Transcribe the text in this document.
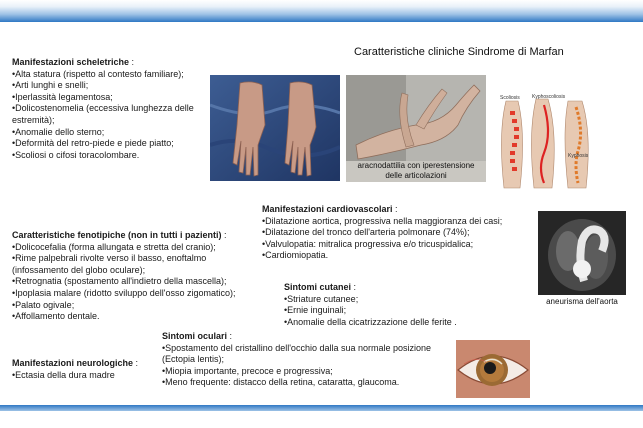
Caratteristiche cliniche Sindrome di Marfan
Manifestazioni scheletriche :
•Alta statura (rispetto al contesto familiare);
•Arti lunghi e snelli;
•Iperlassità legamentosa;
•Dolicostenomelia (eccessiva lunghezza delle estremità);
•Anomalie dello sterno;
•Deformità del retro-piede e piede piatto;
•Scoliosi o cifosi toracolombare.
Caratteristiche fenotipiche (non in tutti i pazienti) :
•Dolicocefalia (forma allungata e stretta del cranio);
•Rime palpebrali rivolte verso il basso, enoftalmo (infossamento del globo oculare);
•Retrognatia (spostamento all'indietro della mascella);
•Ipoplasia malare (ridotto sviluppo dell'osso zigomatico);
•Palato ogivale;
•Affollamento dentale.
Manifestazioni neurologiche :
•Ectasia della dura madre
Manifestazioni cardiovascolari :
•Dilatazione aortica, progressiva nella maggioranza dei casi;
•Dilatazione del tronco dell'arteria polmonare (74%);
•Valvulopatia: mitralica progressiva e/o tricuspidalica;
•Cardiomiopatia.
Sintomi cutanei :
•Striature cutanee;
•Ernie inguinali;
•Anomalie della cicatrizzazione delle ferite .
Sintomi oculari :
•Spostamento del cristallino dell'occhio dalla sua normale posizione (Ectopia lentis);
•Miopia importante, precoce e progressiva;
•Meno frequente: distacco della retina, cataratta, glaucoma.
aracnodattilia con iperestensione delle articolazioni
Scoliosis Kyphoscoliosis
Kyphosis
aneurisma dell'aorta
